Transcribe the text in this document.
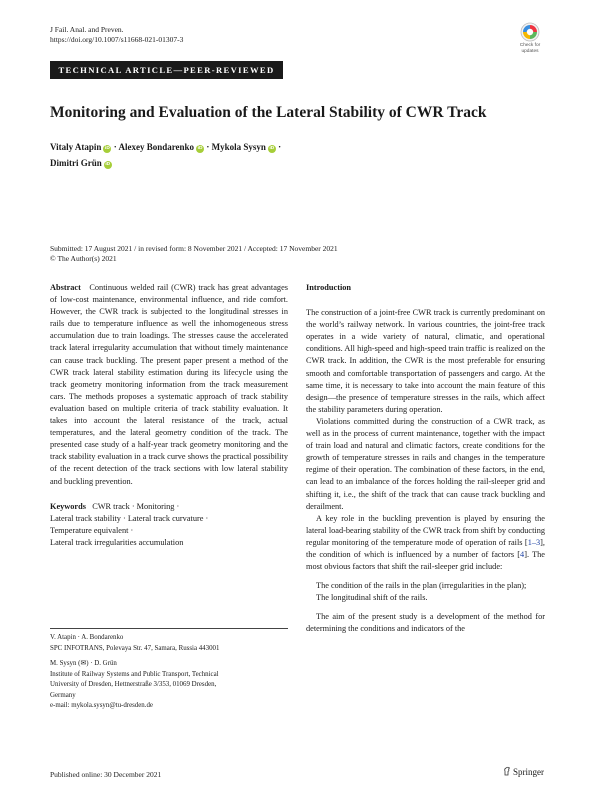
J Fail. Anal. and Preven.
https://doi.org/10.1007/s11668-021-01307-3
Check for
updates
TECHNICAL ARTICLE—PEER-REVIEWED
Monitoring and Evaluation of the Lateral Stability of CWR Track
Vitaly Atapin iD · Alexey Bondarenko iD · Mykola Sysyn iD ·
Dimitri Grün iD
Submitted: 17 August 2021 / in revised form: 8 November 2021 / Accepted: 17 November 2021
© The Author(s) 2021

Abstract Continuous welded rail (CWR) track has great advantages of low-cost maintenance, environmental influence, and ride comfort. However, the CWR track is subjected to the longitudinal stresses in rails due to temperature influence as well the inhomogeneous stress accumulation due to train loadings. The stresses cause the accelerated track lateral irregularity accumulation that without timely maintenance can cause track buckling. The present paper present a method of the CWR track lateral stability estimation during its lifecycle using the track geometry monitoring information from the track measurement cars. The methods proposes a systematic approach of track stability evaluation based on multiple criteria of track stability evaluation. It takes into account the lateral resistance of the track, actual temperatures, and the lateral geometry condition of the track. The presented case study of a half-year track geometry monitoring and the track stability evaluation in a track curve shows the practical possibility of the recent detection of the track sections with low lateral stability and buckling prevention.

Keywords CWR track · Monitoring ·
Lateral track stability · Lateral track curvature ·
Temperature equivalent ·
Lateral track irregularities accumulation
V. Atapin · A. Bondarenko
SPC INFOTRANS, Polevaya Str. 47, Samara, Russia 443001
M. Sysyn (✉) · D. Grün
Institute of Railway Systems and Public Transport, Technical
University of Dresden, Hettnerstraße 3/353, 01069 Dresden,
Germany
e-mail: mykola.sysyn@tu-dresden.de
Introduction

The construction of a joint-free CWR track is currently predominant on the world’s railway network. In various countries, the joint-free track operates in a wide variety of natural, climatic, and operational conditions. All high-speed and high-speed train traffic is realized on the CWR track. In addition, the CWR is the most preferable for ensuring smooth and comfortable transportation of passengers and cargo. At the same time, it is necessary to take into account the main feature of this design—the presence of temperature stresses in the rails, which affect the stability parameters during operation.

Violations committed during the construction of a CWR track, as well as in the process of current maintenance, together with the impact of train load and natural and climatic factors, create conditions for the growth of temperature stresses in rails and changes in the temperature regime of their operation. The combination of these factors, in the end, can lead to an imbalance of the forces holding the rail-sleeper grid and shifting it, i.e., the shift of the track that can cause track buckling and derailment.

A key role in the buckling prevention is played by ensuring the lateral load-bearing stability of the CWR track from shift by conducting regular monitoring of the temperature mode of operation of rails [1–3], the condition of which is influenced by a number of factors [4]. The most obvious factors that shift the rail-sleeper grid include:

The condition of the rails in the plan (irregularities in the plan);
The longitudinal shift of the rails.

The aim of the present study is a development of the method for determining the conditions and indicators of the

Published online: 30 December 2021	Springer
